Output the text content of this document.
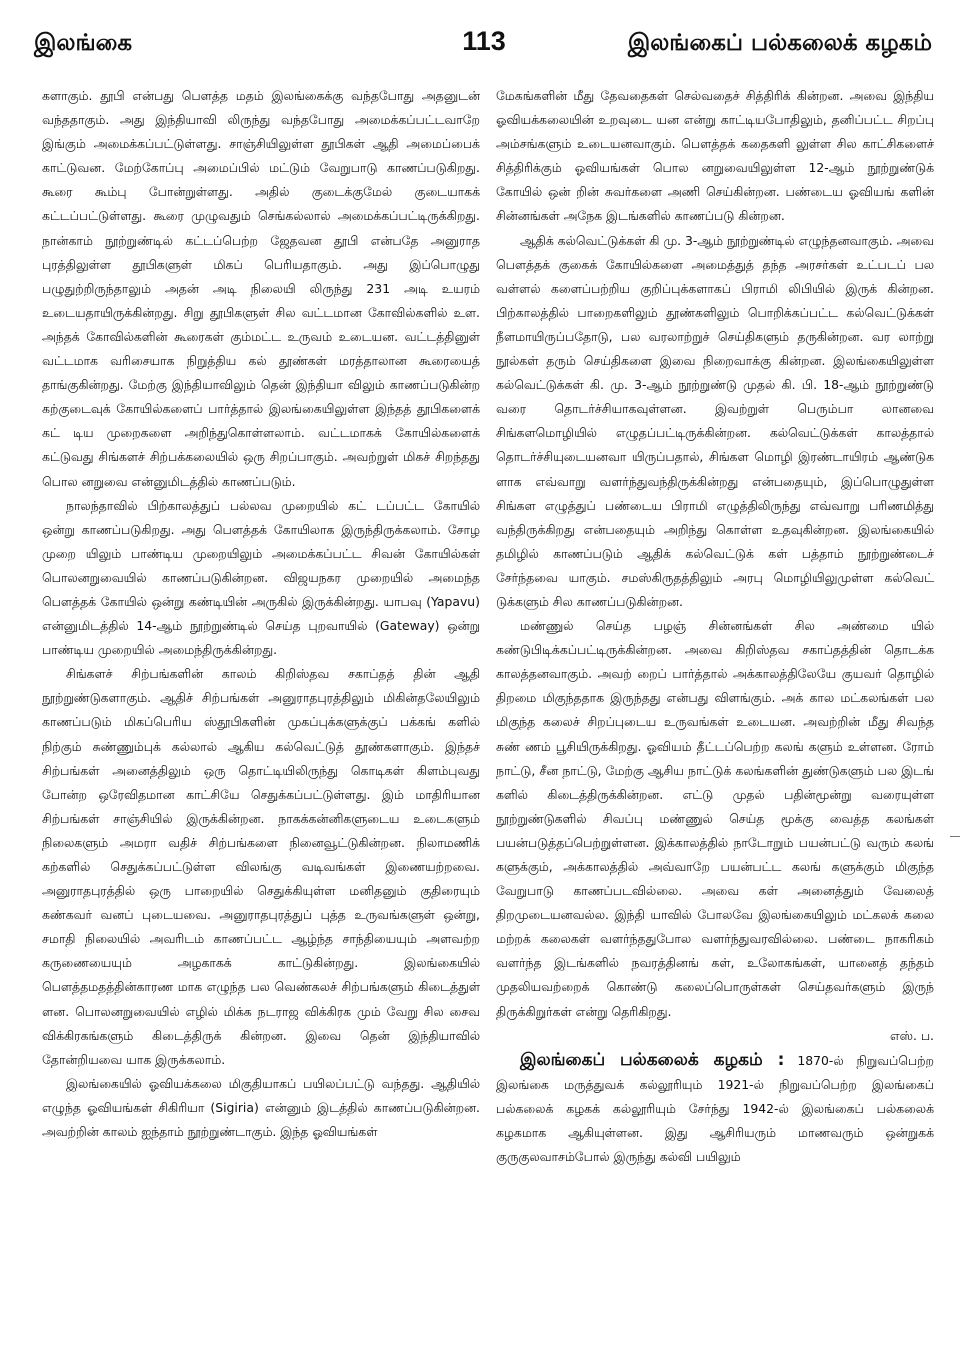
இலங்கை	113	இலங்கைப் பல்கலைக் கழகம்

களாகும். தூபி என்பது பௌத்த மதம் இலங்கைக்கு வந்தபோது அதனுடன் வந்ததாகும். அது இந்தியாவி லிருந்து வந்தபோது அமைக்கப்பட்டவாறே இங்கும் அமைக்கப்பட்டுள்ளது. சாஞ்சியிலுள்ள தூபிகள் ஆதி அமைப்பைக் காட்டுவன. மேற்கோப்பு அமைப்பில் மட்டும் வேறுபாடு காணப்படுகிறது. கூரை கூம்பு போன்றுள்ளது. அதில் குடைக்குமேல் குடையாகக் கட்டப்பட்டுள்ளது. கூரை முழுவதும் செங்கல்லால் அமைக்கப்பட்டிருக்கிறது. நான்காம் நூற்றுண்டில் கட்டப்பெற்ற ஜேதவன தூபி என்பதே அனுராத புரத்திலுள்ள தூபிகளுள் மிகப் பெரியதாகும். அது இப்பொழுது பழுதுற்றிருந்தாலும் அதன் அடி நிலையி லிருந்து 231 அடி உயரம் உடையதாயிருக்கின்றது. சிறு தூபிகளுள் சில வட்டமான கோவில்களில் உள. அந்தக் கோவில்களின் கூரைகள் கும்மட்ட உருவம் உடையன. வட்டத்தினுள் வட்டமாக வரிசையாக நிறுத்திய கல் தூண்கள் மரத்தாலான கூரையைத் தாங்குகின்றது. மேற்கு இந்தியாவிலும் தென் இந்தியா விலும் காணப்படுகின்ற கற்குடைவுக் கோயில்களைப் பார்த்தால் இலங்கையிலுள்ள இந்தத் தூபிகளைக் கட் டிய முறைகளை அறிந்துகொள்ளலாம். வட்டமாகக் கோயில்களைக் கட்டுவது சிங்களச் சிற்பக்கலையில் ஒரு சிறப்பாகும். அவற்றுள் மிகச் சிறந்தது பொல னறுவை என்னுமிடத்தில் காணப்படும்.

நாலந்தாவில் பிற்காலத்துப் பல்லவ முறையில் கட் டப்பட்ட கோயில் ஒன்று காணப்படுகிறது. அது பௌத்தக் கோயிலாக இருந்திருக்கலாம். சோழ முறை யிலும் பாண்டிய முறையிலும் அமைக்கப்பட்ட சிவன் கோயில்கள் பொலனறுவையில் காணப்படுகின்றன. விஜயநகர முறையில் அமைந்த பௌத்தக் கோயில் ஒன்று கண்டியின் அருகில் இருக்கின்றது. யாபவு (Yapavu) என்னுமிடத்தில் 14-ஆம் நூற்றுண்டில் செய்த புறவாயில் (Gateway) ஒன்று பாண்டிய முறையில் அமைந்திருக்கின்றது.

சிங்களச் சிற்பங்களின் காலம் கிறிஸ்தவ சகாப்தத் தின் ஆதி நூற்றுண்டுகளாகும். ஆதிச் சிற்பங்கள் அனுராதபுரத்திலும் மிகின்தலேயிலும் காணப்படும் மிகப்பெரிய ஸ்தூபிகளின் முகப்புக்களுக்குப் பக்கங் களில் நிற்கும் சுண்ணும்புக் கல்லால் ஆகிய கல்வெட்டுத் தூண்களாகும். இந்தச் சிற்பங்கள் அனைத்திலும் ஒரு தொட்டியிலிருந்து கொடிகள் கிளம்புவது போன்ற ஒரேவிதமான காட்சியே செதுக்கப்பட்டுள்ளது. இம் மாதிரியான சிற்பங்கள் சாஞ்சியில் இருக்கின்றன. நாகக்கன்னிகளுடைய உடைகளும் நிலைகளும் அமரா வதிச் சிற்பங்களை நினைவூட்டுகின்றன. நிலாமணிக் கற்களில் செதுக்கப்பட்டுள்ள விலங்கு வடிவங்கள் இணையற்றவை. அனுராதபுரத்தில் ஒரு பாறையில் செதுக்கியுள்ள மனிதனும் குதிரையும் கண்கவர் வனப் புடையவை. அனுராதபுரத்துப் புத்த உருவங்களுள் ஒன்று, சமாதி நிலையில் அவரிடம் காணப்பட்ட ஆழ்ந்த சாந்தியையும் அளவற்ற கருணையையும் அழகாகக் காட்டுகின்றது. இலங்கையில் பௌத்தமதத்தின்காரண மாக எழுந்த பல வெண்கலச் சிற்பங்களும் கிடைத்துள் ளன. பொலனறுவையில் எழில் மிக்க நடராஜ விக்கிரக மும் வேறு சில சைவ விக்கிரகங்களும் கிடைத்திருக் கின்றன. இவை தென் இந்தியாவில் தோன்றியவை யாக இருக்கலாம்.

இலங்கையில் ஓவியக்கலை மிகுதியாகப் பயிலப்பட்டு வந்தது. ஆதியில் எழுந்த ஓவியங்கள் சிகிரியா (Sigiria) என்னும் இடத்தில் காணப்படுகின்றன. அவற்றின் காலம் ஐந்தாம் நூற்றுண்டாகும். இந்த ஓவியங்கள்

மேகங்களின் மீது தேவதைகள் செல்வதைச் சித்திரிக் கின்றன. அவை இந்திய ஓவியக்கலையின் உறவுடை யன என்று காட்டியபோதிலும், தனிப்பட்ட சிறப்பு அம்சங்களும் உடையனவாகும். பௌத்தக் கதைகளி லுள்ள சில காட்சிகளைச் சித்திரிக்கும் ஓவியங்கள் பொல னறுவையிலுள்ள 12-ஆம் நூற்றுண்டுக் கோயில் ஒன் றின் சுவர்களை அணி செய்கின்றன. பண்டைய ஓவியங் களின் சின்னங்கள் அநேக இடங்களில் காணப்படு கின்றன.

ஆதிக் கல்வெட்டுக்கள் கி மு. 3-ஆம் நூற்றுண்டில் எழுந்தனவாகும். அவை பௌத்தக் குகைக் கோயில்களை அமைத்துத் தந்த அரசர்கள் உட்படப் பல வள்ளல் களைப்பற்றிய குறிப்புக்களாகப் பிராமி லிபியில் இருக் கின்றன. பிற்காலத்தில் பாறைகளிலும் தூண்களிலும் பொறிக்கப்பட்ட கல்வெட்டுக்கள் நீளமாயிருப்பதோடு, பல வரலாற்றுச் செய்திகளும் தருகின்றன. வர லாற்று நூல்கள் தரும் செய்திகளை இவை நிறைவாக்கு கின்றன. இலங்கையிலுள்ள கல்வெட்டுக்கள் கி. மு. 3-ஆம் நூற்றுண்டு முதல் கி. பி. 18-ஆம் நூற்றுண்டு வரை தொடர்ச்சியாகவுள்ளன. இவற்றுள் பெரும்பா லானவை சிங்களமொழியில் எழுதப்பட்டிருக்கின்றன. கல்வெட்டுக்கள் காலத்தால் தொடர்ச்சியுடையனவா யிருப்பதால், சிங்கள மொழி இரண்டாயிரம் ஆண்டுக ளாக எவ்வாறு வளர்ந்துவந்திருக்கின்றது என்பதையும், இப்பொழுதுள்ள சிங்கள எழுத்துப் பண்டைய பிராமி எழுத்திலிருந்து எவ்வாறு பரிணமித்து வந்திருக்கிறது என்பதையும் அறிந்து கொள்ள உதவுகின்றன. இலங்கையில் தமிழில் காணப்படும் ஆதிக் கல்வெட்டுக் கள் பத்தாம் நூற்றுண்டைச் சேர்ந்தவை யாகும். சமஸ்கிருதத்திலும் அரபு மொழியிலுமுள்ள கல்வெட் டுக்களும் சில காணப்படுகின்றன.

மண்ணுல் செய்த பழஞ் சின்னங்கள் சில அண்மை யில் கண்டுபிடிக்கப்பட்டிருக்கின்றன. அவை கிறிஸ்தவ சகாப்தத்தின் தொடக்க காலத்தனவாகும். அவற் றைப் பார்த்தால் அக்காலத்திலேயே குயவர் தொழில் திறமை மிகுந்ததாக இருந்தது என்பது விளங்கும். அக் கால மட்கலங்கள் பல மிகுந்த கலைச் சிறப்புடைய உருவங்கள் உடையன. அவற்றின் மீது சிவந்த சுண் ணம் பூசியிருக்கிறது. ஓவியம் தீட்டப்பெற்ற கலங் களும் உள்ளன. ரோம் நாட்டு, சீன நாட்டு, மேற்கு ஆசிய நாட்டுக் கலங்களின் துண்டுகளும் பல இடங் களில் கிடைத்திருக்கின்றன. எட்டு முதல் பதின்மூன்று வரையுள்ள நூற்றுண்டுகளில் சிவப்பு மண்ணுல் செய்த மூக்கு வைத்த கலங்கள் பயன்படுத்தப்பெற்றுள்ளன. இக்காலத்தில் நாடோறும் பயன்பட்டு வரும் கலங் களுக்கும், அக்காலத்தில் அவ்வாறே பயன்பட்ட கலங் களுக்கும் மிகுந்த வேறுபாடு காணப்படவில்லை. அவை கள் அனைத்தும் வேலைத் திறமுடையனவல்ல. இந்தி யாவில் போலவே இலங்கையிலும் மட்கலக் கலை மற்றக் கலைகள் வளர்ந்ததுபோல வளர்ந்துவரவில்லை. பண்டை நாகரிகம் வளர்ந்த இடங்களில் நவரத்தினங் கள், உலோகங்கள், யானைத் தந்தம் முதலியவற்றைக் கொண்டு கலைப்பொருள்கள் செய்தவர்களும் இருந் திருக்கிறுர்கள் என்று தெரிகிறது.

எஸ். ப.

இலங்கைப் பல்கலைக் கழகம் : 1870-ல் நிறுவப்பெற்ற இலங்கை மருத்துவக் கல்லூரியும் 1921-ல் நிறுவப்பெற்ற இலங்கைப் பல்கலைக் கழகக் கல்லூரியும் சேர்ந்து 1942-ல் இலங்கைப் பல்கலைக் கழகமாக ஆகியுள்ளன. இது ஆசிரியரும் மாணவரும் ஒன்றுகக் குருகுலவாசம்போல் இருந்து கல்வி பயிலும்
